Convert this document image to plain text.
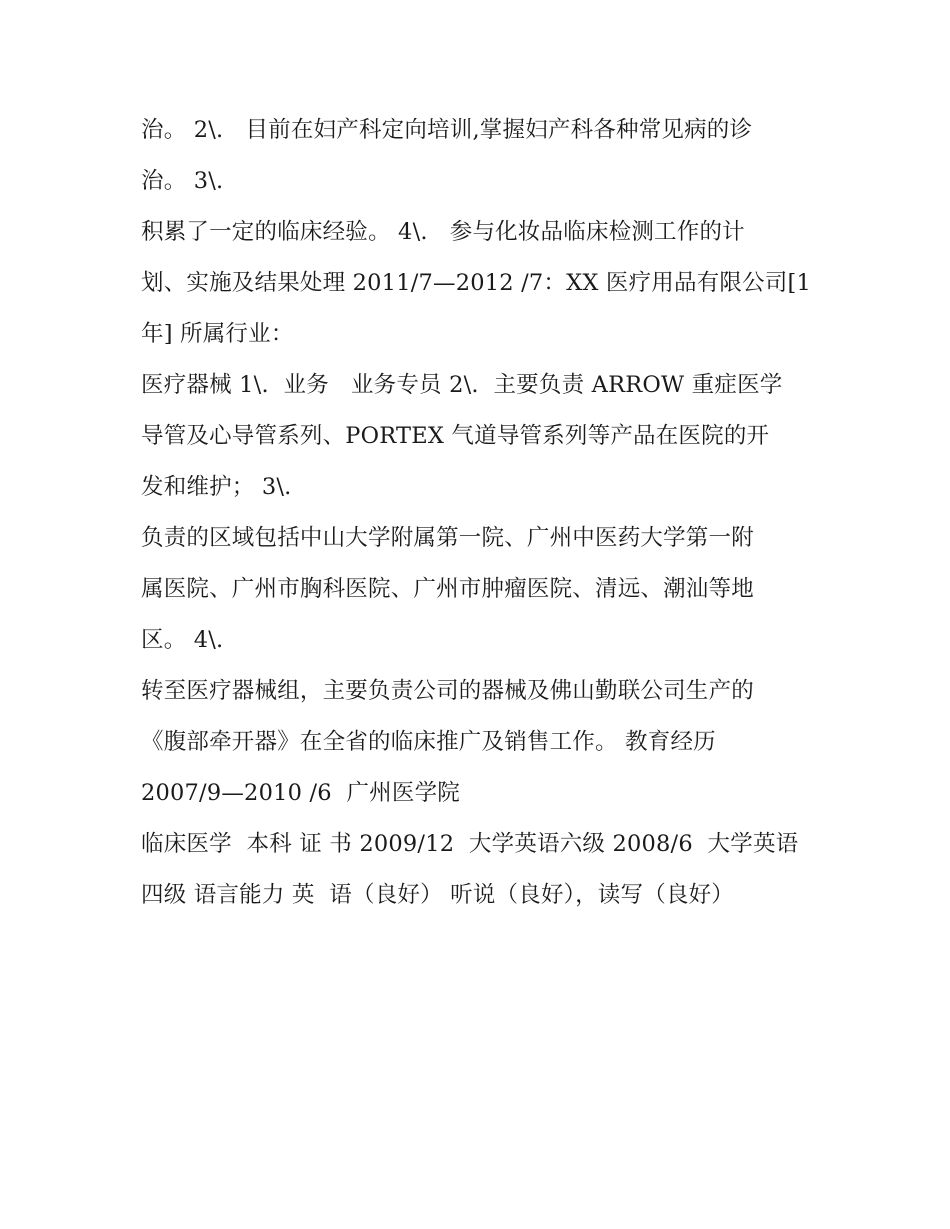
治。 2\.   目前在妇产科定向培训,掌握妇产科各种常见病的诊
治。 3\.
积累了一定的临床经验。 4\.   参与化妆品临床检测工作的计
划、实施及结果处理 2011/7—2012 /7：XX 医疗用品有限公司[1
年] 所属行业：
医疗器械 1\.  业务   业务专员 2\.  主要负责 ARROW 重症医学
导管及心导管系列、PORTEX 气道导管系列等产品在医院的开
发和维护； 3\.
负责的区域包括中山大学附属第一院、广州中医药大学第一附
属医院、广州市胸科医院、广州市肿瘤医院、清远、潮汕等地
区。 4\.
转至医疗器械组，主要负责公司的器械及佛山勤联公司生产的
《腹部牵开器》在全省的临床推广及销售工作。 教育经历
2007/9—2010 /6  广州医学院
临床医学  本科 证 书 2009/12  大学英语六级 2008/6  大学英语
四级 语言能力 英  语（良好） 听说（良好），读写（良好）
